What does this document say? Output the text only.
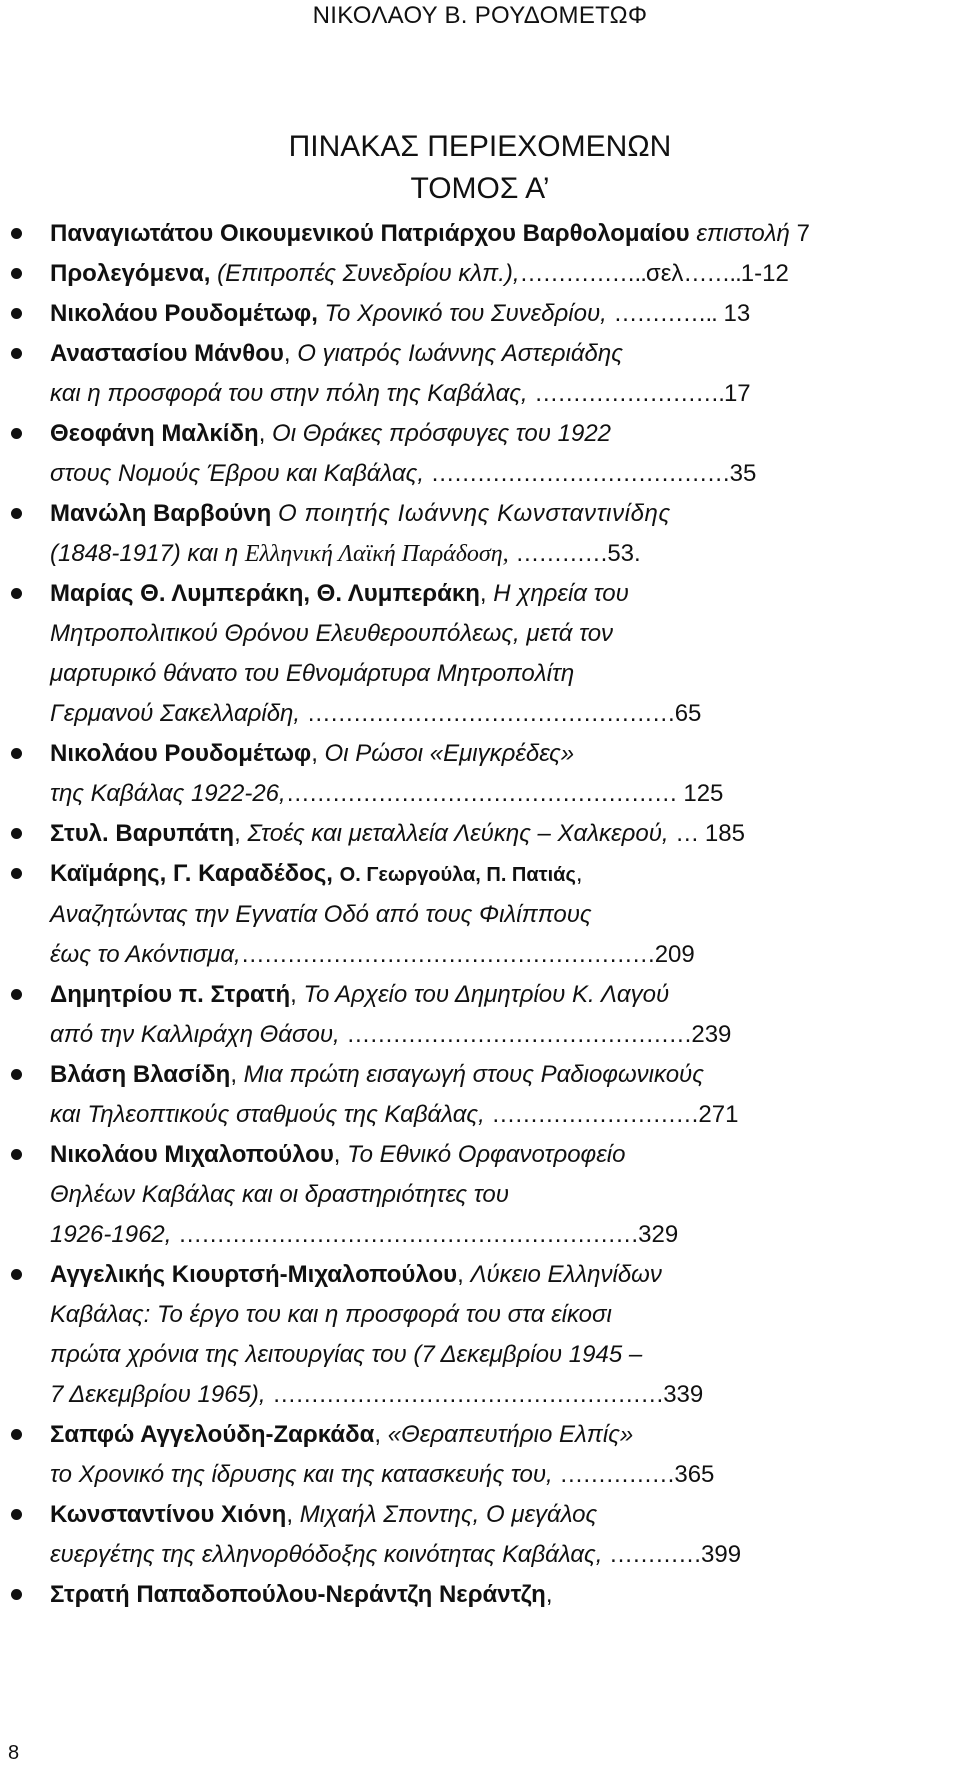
ΝΙΚΟΛΑΟΥ Β. ΡΟΥΔΟΜΕΤΩΦ
ΠΙΝΑΚΑΣ ΠΕΡΙΕΧΟΜΕΝΩΝ
ΤΟΜΟΣ Α’
Παναγιωτάτου Οικουμενικού Πατριάρχου Βαρθολομαίου επιστολή 7
Προλεγόμενα, (Επιτροπές Συνεδρίου κλπ.),……………..σελ……..1-12
Νικολάου Ρουδομέτωφ, Το Χρονικό του Συνεδρίου, ………….. 13
Αναστασίου Μάνθου, Ο γιατρός Ιωάννης Αστεριάδης
και η προσφορά του στην πόλη της Καβάλας, …………………….17
Θεοφάνη Μαλκίδη, Οι Θράκες πρόσφυγες του 1922
στους Νομούς Έβρου και Καβάλας, …………………………………35
Μανώλη Βαρβούνη Ο ποιητής Ιωάννης Κωνσταντινίδης
(1848-1917) και η Ελληνική Λαϊκή Παράδοση, …………53.
Μαρίας Θ. Λυμπεράκη, Θ. Λυμπεράκη, Η χηρεία του
Μητροπολιτικού Θρόνου Ελευθερουπόλεως, μετά τον
μαρτυρικό θάνατο του Εθνομάρτυρα Μητροπολίτη
Γερμανού Σακελλαρίδη, …………………………………………65
Νικολάου Ρουδομέτωφ, Οι Ρώσοι «Εμιγκρέδες»
της Καβάλας 1922-26,…………………………………………… 125
Στυλ. Βαρυπάτη, Στοές και μεταλλεία Λεύκης – Χαλκερού, … 185
Καϊμάρης, Γ. Καραδέδος, Ο. Γεωργούλα, Π. Πατιάς,
Αναζητώντας την Εγνατία Οδό από τους Φιλίππους
έως το Ακόντισμα,………………………………………………209
Δημητρίου π. Στρατή, Το Αρχείο του Δημητρίου Κ. Λαγού
από την Καλλιράχη Θάσου, ………………………………………239
Βλάση Βλασίδη, Μια πρώτη εισαγωγή στους Ραδιοφωνικούς
και Τηλεοπτικούς σταθμούς της Καβάλας, ………………………271
Νικολάου Μιχαλοπούλου, Το Εθνικό Ορφανοτροφείο
Θηλέων Καβάλας και οι δραστηριότητες του
1926-1962, ……………………………………………………329
Αγγελικής Κιουρτσή-Μιχαλοπούλου, Λύκειο Ελληνίδων
Καβάλας: Το έργο του και η προσφορά του στα είκοσι
πρώτα χρόνια της λειτουργίας του (7 Δεκεμβρίου 1945 –
7 Δεκεμβρίου 1965), ……………………………………………339
Σαπφώ Αγγελούδη-Ζαρκάδα, «Θεραπευτήριο Ελπίς»
το Χρονικό της ίδρυσης και της κατασκευής του, ……………365
Κωνσταντίνου Χιόνη, Μιχαήλ Σποντης, Ο μεγάλος
ευεργέτης της ελληνορθόδοξης κοινότητας Καβάλας, …………399
Στρατή Παπαδοπούλου-Νεράντζη Νεράντζη,
8
